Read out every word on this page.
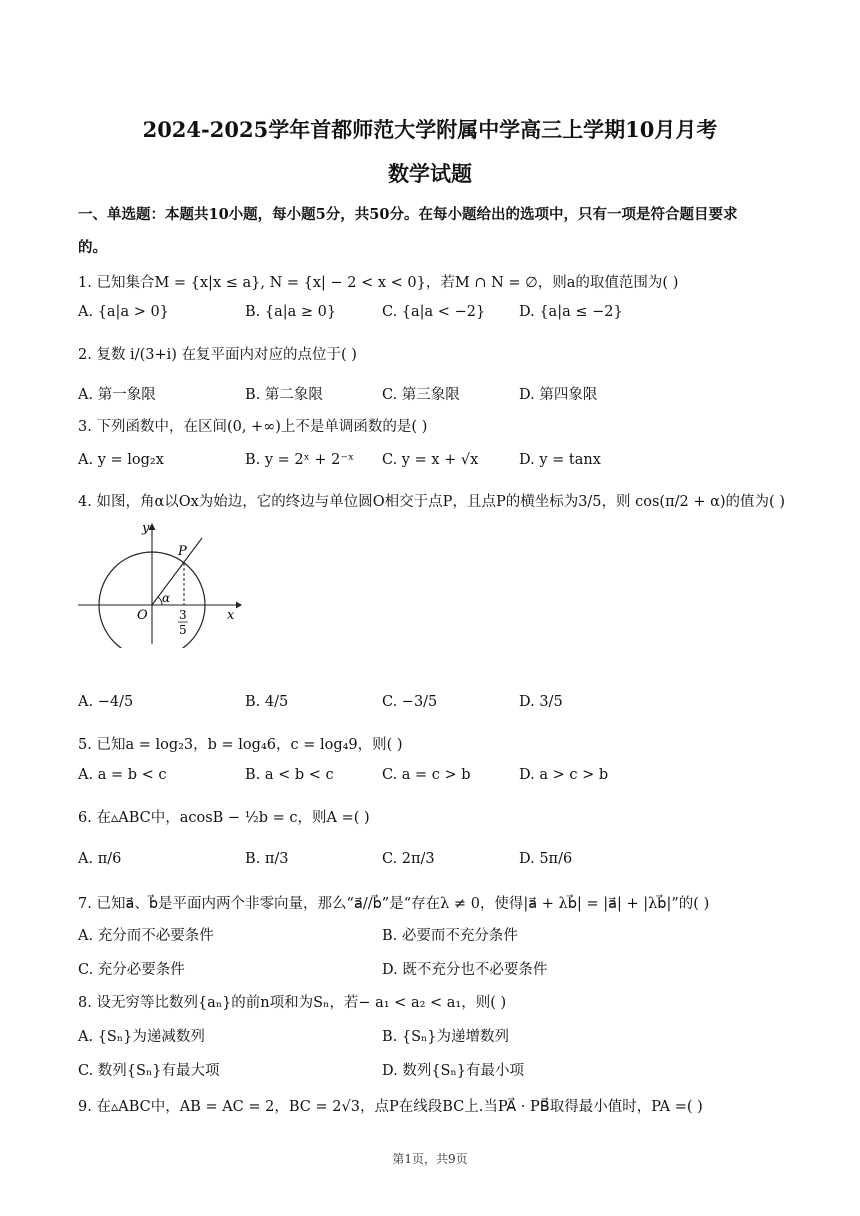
2024-2025学年首都师范大学附属中学高三上学期10月月考
数学试题
一、单选题：本题共10小题，每小题5分，共50分。在每小题给出的选项中，只有一项是符合题目要求
的。
1. 已知集合M = {x|x ≤ a}, N = {x| − 2 < x < 0}，若M ∩ N = ∅，则a的取值范围为( )
A. {a|a > 0}	B. {a|a ≥ 0}	C. {a|a < −2} D. {a|a ≤ −2}
2. 复数 i/(3+i) 在复平面内对应的点位于( )
A. 第一象限	B. 第二象限	C. 第三象限	D. 第四象限
3. 下列函数中，在区间(0, +∞)上不是单调函数的是( )
A. y = log₂x	B. y = 2ˣ + 2⁻ˣ C. y = x + √x	D. y = tanx
4. 如图，角α以Ox为始边，它的终边与单位圆O相交于点P，且点P的横坐标为3/5，则 cos(π/2 + α)的值为( )
y
x
O
P
α
3
5
A. −4/5	B. 4/5	C. −3/5	D. 3/5
5. 已知a = log₂3，b = log₄6，c = log₄9，则( )
A. a = b < c	B. a < b < c	C. a = c > b	D. a > c > b
6. 在▵ABC中，acosB − ½b = c，则A =( )
A. π/6	B. π/3	C. 2π/3	D. 5π/6
7. 已知a⃗、b⃗是平面内两个非零向量，那么“a⃗//b⃗”是“存在λ ≠ 0，使得|a⃗ + λb⃗| = |a⃗| + |λb⃗|”的( )
A. 充分而不必要条件	B. 必要而不充分条件
C. 充分必要条件	D. 既不充分也不必要条件
8. 设无穷等比数列{aₙ}的前n项和为Sₙ，若− a₁ < a₂ < a₁，则( )
A. {Sₙ}为递减数列	B. {Sₙ}为递增数列
C. 数列{Sₙ}有最大项	D. 数列{Sₙ}有最小项
9. 在▵ABC中，AB = AC = 2，BC = 2√3，点P在线段BC上.当PA⃗ · PB⃗取得最小值时，PA =( )
第1页，共9页
